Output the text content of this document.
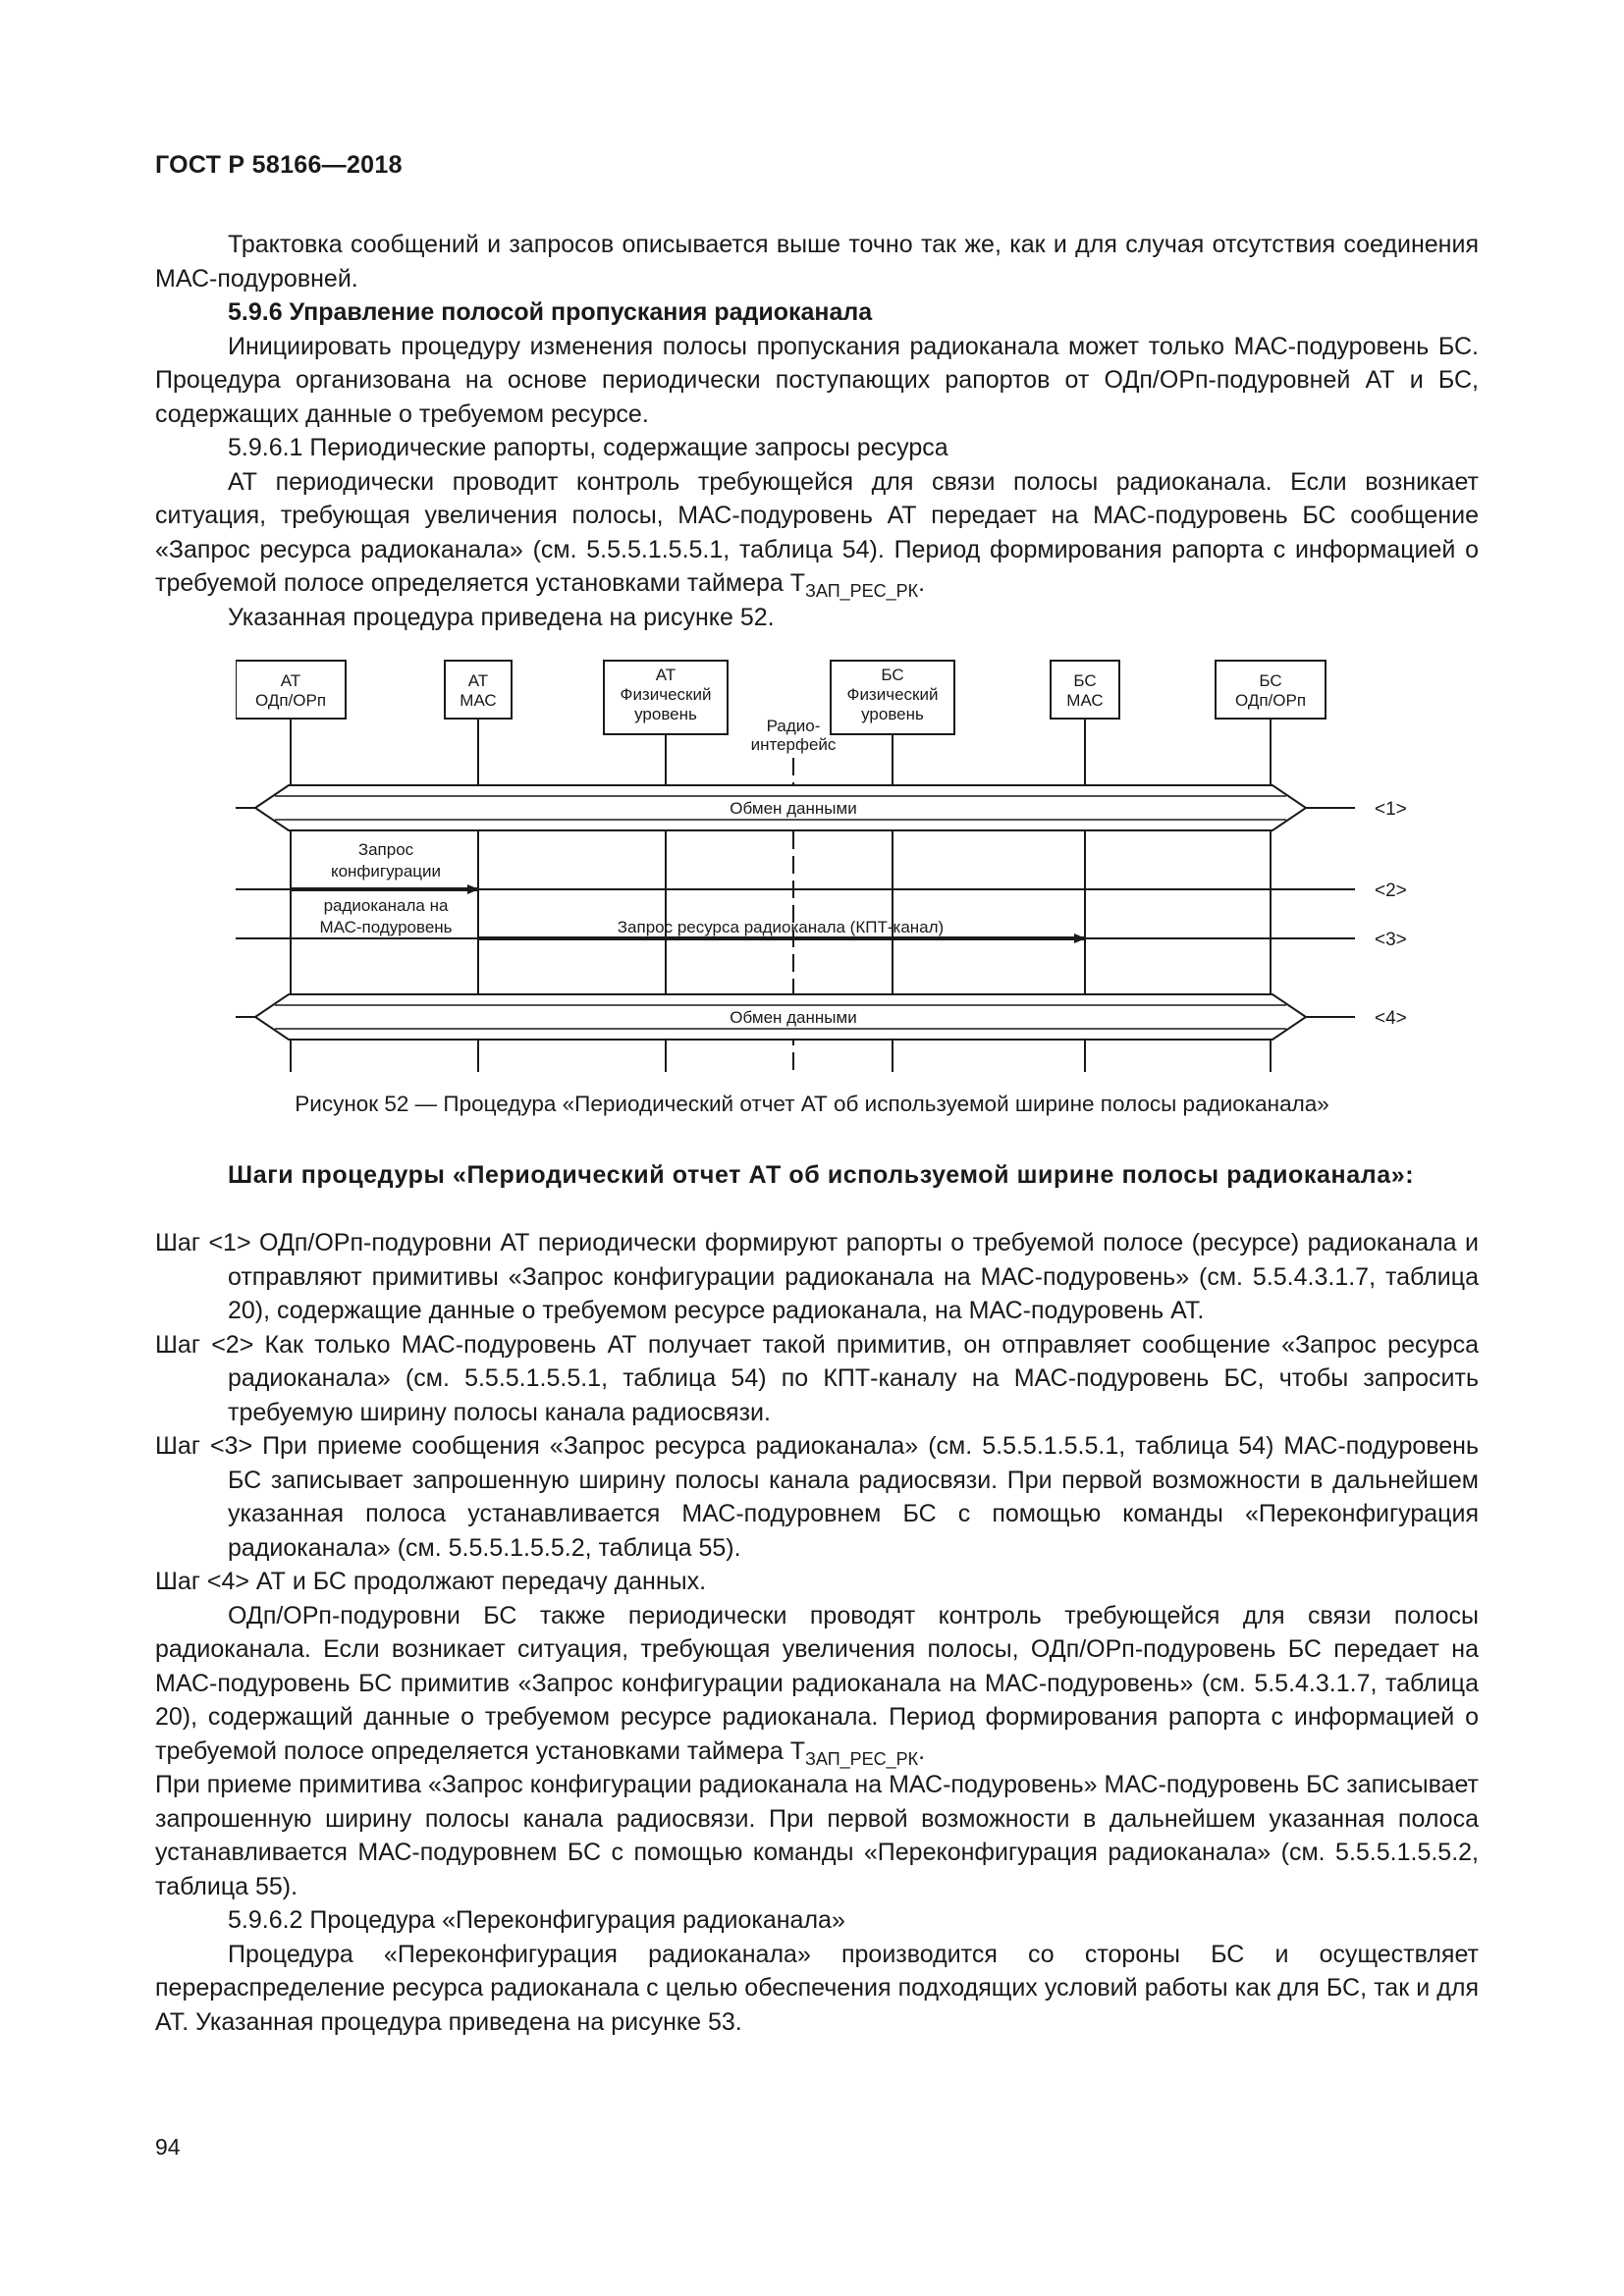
ГОСТ Р 58166—2018

Трактовка сообщений и запросов описывается выше точно так же, как и для случая отсутствия соединения МАС-подуровней.

5.9.6 Управление полосой пропускания радиоканала

Инициировать процедуру изменения полосы пропускания радиоканала может только МАС-подуровень БС. Процедура организована на основе периодически поступающих рапортов от ОДп/ОРп-подуровней АТ и БС, содержащих данные о требуемом ресурсе.

5.9.6.1 Периодические рапорты, содержащие запросы ресурса

АТ периодически проводит контроль требующейся для связи полосы радиоканала. Если возникает ситуация, требующая увеличения полосы, МАС-подуровень АТ передает на МАС-подуровень БС сообщение «Запрос ресурса радиоканала» (см. 5.5.5.1.5.5.1, таблица 54). Период формирования рапорта с информацией о требуемой полосе определяется установками таймера $Т_{ЗАП\_РЕС\_РК}$.

Указанная процедура приведена на рисунке 52.

АТ
ОДп/ОРп
АТ
МАС
АТ
Физический
уровень
БС
Физический
уровень
БС
МАС
БС
ОДп/ОРп
Радио-
интерфейс
Обмен данными
Запрос
конфигурации
радиоканала на
МАС-подуровень	Запрос ресурса радиоканала (КПТ-канал)
Обмен данными
<1>
<2>
<3>
<4>
Рисунок 52 — Процедура «Периодический отчет АТ об используемой ширине полосы радиоканала»
Шаги процедуры «Периодический отчет АТ об используемой ширине полосы радиоканала»:

Шаг <1> ОДп/ОРп-подуровни АТ периодически формируют рапорты о требуемой полосе (ресурсе) радиоканала и отправляют примитивы «Запрос конфигурации радиоканала на МАС-подуровень» (см. 5.5.4.3.1.7, таблица 20), содержащие данные о требуемом ресурсе радиоканала, на МАС-подуровень АТ.

Шаг <2> Как только МАС-подуровень АТ получает такой примитив, он отправляет сообщение «Запрос ресурса радиоканала» (см. 5.5.5.1.5.5.1, таблица 54) по КПТ-каналу на МАС-подуровень БС, чтобы запросить требуемую ширину полосы канала радиосвязи.

Шаг <3> При приеме сообщения «Запрос ресурса радиоканала» (см. 5.5.5.1.5.5.1, таблица 54) МАС-подуровень БС записывает запрошенную ширину полосы канала радиосвязи. При первой возможности в дальнейшем указанная полоса устанавливается МАС-подуровнем БС с помощью команды «Переконфигурация радиоканала» (см. 5.5.5.1.5.5.2, таблица 55).

Шаг <4> АТ и БС продолжают передачу данных.

ОДп/ОРп-подуровни БС также периодически проводят контроль требующейся для связи полосы радиоканала. Если возникает ситуация, требующая увеличения полосы, ОДп/ОРп-подуровень БС передает на МАС-подуровень БС примитив «Запрос конфигурации радиоканала на МАС-подуровень» (см. 5.5.4.3.1.7, таблица 20), содержащий данные о требуемом ресурсе радиоканала. Период формирования рапорта с информацией о требуемой полосе определяется установками таймера $Т_{ЗАП\_РЕС\_РК}$.

При приеме примитива «Запрос конфигурации радиоканала на МАС-подуровень» МАС-подуровень БС записывает запрошенную ширину полосы канала радиосвязи. При первой возможности в дальнейшем указанная полоса устанавливается МАС-подуровнем БС с помощью команды «Переконфигурация радиоканала» (см. 5.5.5.1.5.5.2, таблица 55).

5.9.6.2 Процедура «Переконфигурация радиоканала»

Процедура «Переконфигурация радиоканала» производится со стороны БС и осуществляет перераспределение ресурса радиоканала с целью обеспечения подходящих условий работы как для БС, так и для АТ. Указанная процедура приведена на рисунке 53.

94
